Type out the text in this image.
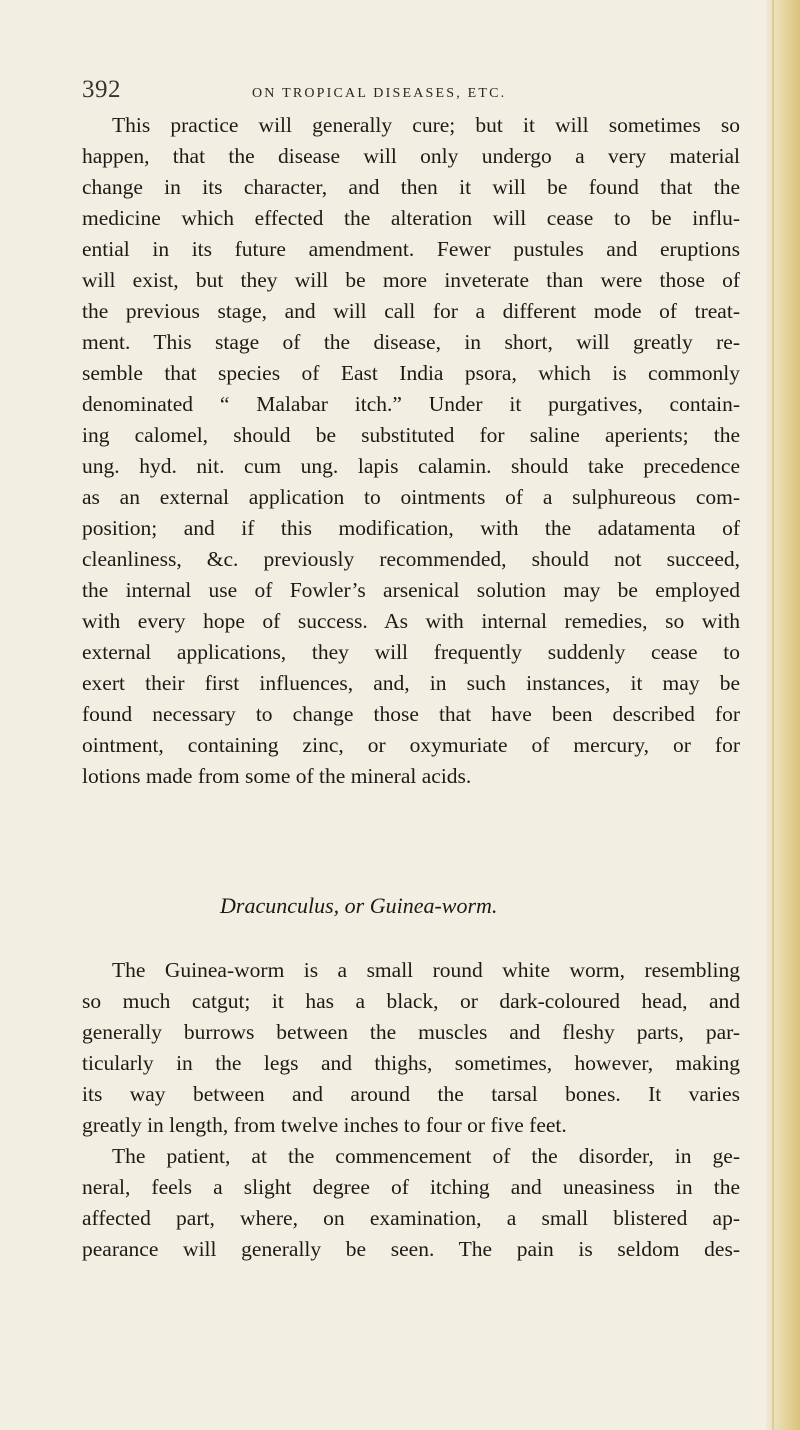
392	ON TROPICAL DISEASES, ETC.

This practice will generally cure; but it will sometimes so

happen, that the disease will only undergo a very material

change in its character, and then it will be found that the

medicine which effected the alteration will cease to be influ-

ential in its future amendment. Fewer pustules and eruptions

will exist, but they will be more inveterate than were those of

the previous stage, and will call for a different mode of treat-

ment. This stage of the disease, in short, will greatly re-

semble that species of East India psora, which is commonly

denominated “ Malabar itch.” Under it purgatives, contain-

ing calomel, should be substituted for saline aperients; the

ung. hyd. nit. cum ung. lapis calamin. should take precedence

as an external application to ointments of a sulphureous com-

position; and if this modification, with the adatamenta of

cleanliness, &c. previously recommended, should not succeed,

the internal use of Fowler’s arsenical solution may be employed

with every hope of success. As with internal remedies, so with

external applications, they will frequently suddenly cease to

exert their first influences, and, in such instances, it may be

found necessary to change those that have been described for

ointment, containing zinc, or oxymuriate of mercury, or for

lotions made from some of the mineral acids.

Dracunculus, or Guinea-worm.

The Guinea-worm is a small round white worm, resembling

so much catgut; it has a black, or dark-coloured head, and

generally burrows between the muscles and fleshy parts, par-

ticularly in the legs and thighs, sometimes, however, making

its way between and around the tarsal bones. It varies

greatly in length, from twelve inches to four or five feet.

The patient, at the commencement of the disorder, in ge-

neral, feels a slight degree of itching and uneasiness in the

affected part, where, on examination, a small blistered ap-

pearance will generally be seen. The pain is seldom des-
